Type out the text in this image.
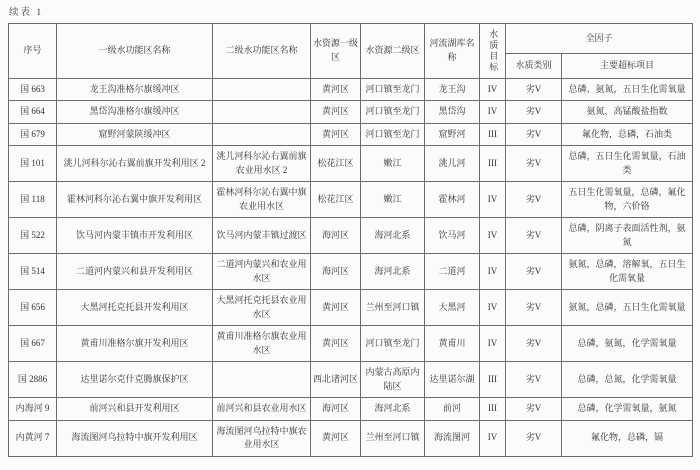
续表 1
序号	一级水功能区名称	二级水功能区名称	水资源一级区	水资源二级区	河流湖库名称	水质目标	全因子	
							水质类别	主要超标项目
国 663	龙王沟准格尔旗缓冲区		黄河区	河口镇至龙门	龙王沟	IV	劣V	总磷、氨氮，五日生化需氧量
国 664	黑岱沟准格尔旗缓冲区		黄河区	河口镇至龙门	黑岱沟	IV	劣V	氨氮，高锰酸盐指数
国 679	窟野河蒙陕缓冲区		黄河区	河口镇至龙门	窟野河	III	劣V	氟化物，总磷，石油类
国 101	洮儿河科尔沁右翼前旗开发利用区 2	洮儿河科尔沁右翼前旗农业用水区 2	松花江区	嫩江	洮儿河	III	劣V	总磷，五日生化需氧量，石油类
国 118	霍林河科尔沁右翼中旗开发利用区	霍林河科尔沁右翼中旗农业用水区	松花江区	嫩江	霍林河	IV	劣V	五日生化需氧量，总磷，氟化物，六价铬
国 522	饮马河内蒙丰镇市开发利用区	饮马河内蒙丰镇过渡区	海河区	海河北系	饮马河	IV	劣V	总磷，阴离子表面活性剂，氨氮
国 514	二道河内蒙兴和县开发利用区	二道河内蒙兴和农业用水区	海河区	海河北系	二道河	IV	劣V	氨氮，总磷，溶解氧，五日生化需氧量
国 656	大黑河托克托县开发利用区	大黑河托克托县农业用水区	黄河区	兰州至河口镇	大黑河	IV	劣V	氨氮，总磷，五日生化需氧量
国 667	黄甫川准格尔旗开发利用区	黄甫川准格尔旗农业用水区	黄河区	河口镇至龙门	黄甫川	IV	劣V	总磷，氨氮，化学需氧量
国 2886	达里诺尔克什克腾旗保护区		西北诸河区	内蒙古高原内陆区	达里诺尔湖	III	劣V	总磷，总氮，化学需氧量
内海河 9	前河兴和县开发利用区	前河兴和县农业用水区	海河区	海河北系	前河	III	劣V	总磷，化学需氧量，氨氮
内黄河 7	海流图河乌拉特中旗开发利用区	海流图河乌拉特中旗农业用水区	黄河区	兰州至河口镇	海流图河	IV	劣V	氟化物，总磷，镉
